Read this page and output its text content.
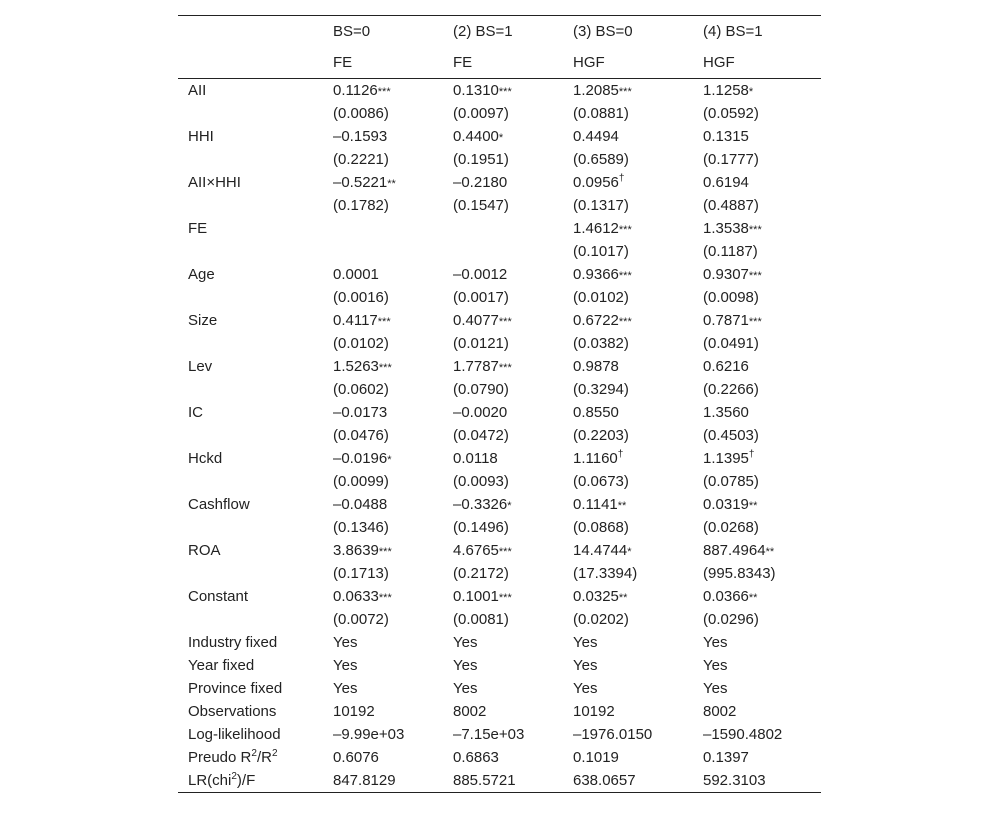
	BS=0	(2) BS=1	(3) BS=0	(4) BS=1
	FE	FE	HGF	HGF
AII	0.1126***	0.1310***	1.2085***	1.1258*
	(0.0086)	(0.0097)	(0.0881)	(0.0592)
HHI	–0.1593	0.4400*	0.4494	0.1315
	(0.2221)	(0.1951)	(0.6589)	(0.1777)
AII×HHI	–0.5221**	–0.2180	0.0956†	0.6194
	(0.1782)	(0.1547)	(0.1317)	(0.4887)
FE			1.4612***	1.3538***
			(0.1017)	(0.1187)
Age	0.0001	–0.0012	0.9366***	0.9307***
	(0.0016)	(0.0017)	(0.0102)	(0.0098)
Size	0.4117***	0.4077***	0.6722***	0.7871***
	(0.0102)	(0.0121)	(0.0382)	(0.0491)
Lev	1.5263***	1.7787***	0.9878	0.6216
	(0.0602)	(0.0790)	(0.3294)	(0.2266)
IC	–0.0173	–0.0020	0.8550	1.3560
	(0.0476)	(0.0472)	(0.2203)	(0.4503)
Hckd	–0.0196*	0.0118	1.1160†	1.1395†
	(0.0099)	(0.0093)	(0.0673)	(0.0785)
Cashflow	–0.0488	–0.3326*	0.1141**	0.0319**
	(0.1346)	(0.1496)	(0.0868)	(0.0268)
ROA	3.8639***	4.6765***	14.4744*	887.4964**
	(0.1713)	(0.2172)	(17.3394)	(995.8343)
Constant	0.0633***	0.1001***	0.0325**	0.0366**
	(0.0072)	(0.0081)	(0.0202)	(0.0296)
Industry fixed	Yes	Yes	Yes	Yes
Year fixed	Yes	Yes	Yes	Yes
Province fixed	Yes	Yes	Yes	Yes
Observations	10192	8002	10192	8002
Log-likelihood	–9.99e+03	–7.15e+03	–1976.0150	–1590.4802
Preudo $R^2/R^2$	0.6076	0.6863	0.1019	0.1397
LR(chi$^2$)/F	847.8129	885.5721	638.0657	592.3103
